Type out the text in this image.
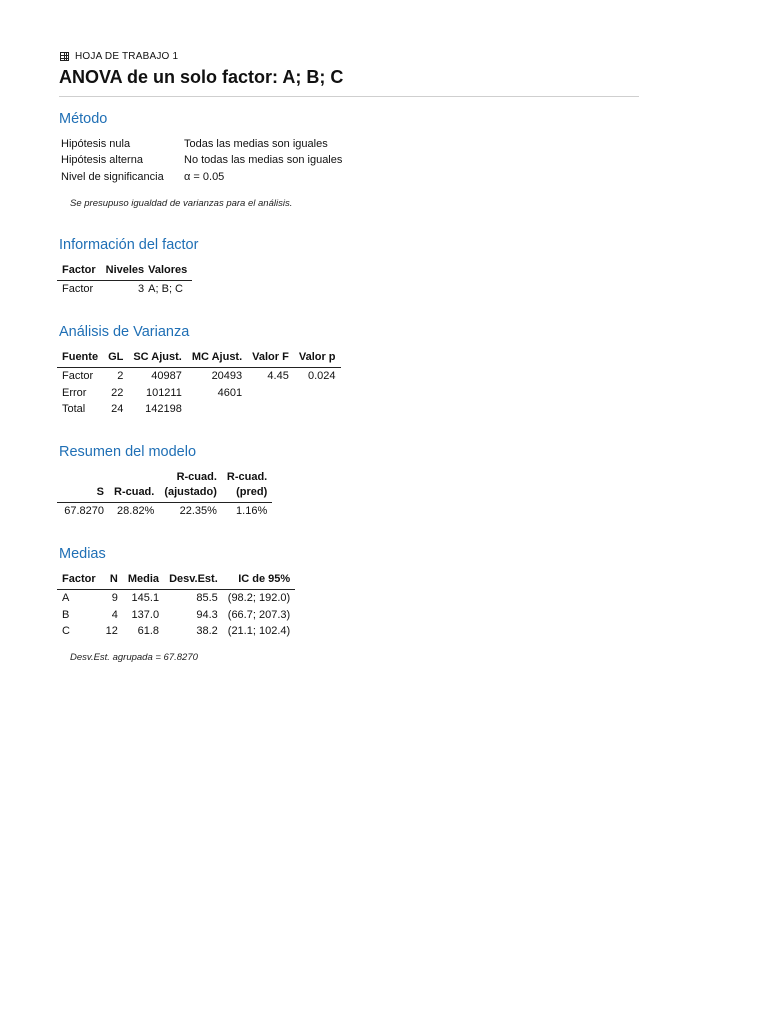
HOJA DE TRABAJO 1
ANOVA de un solo factor: A; B; C
Método
Hipótesis nula	Todas las medias son iguales
Hipótesis alterna	No todas las medias son iguales
Nivel de significancia α = 0.05
Se presupuso igualdad de varianzas para el análisis.
Información del factor
Factor	Niveles	Valores
Factor	3	A; B; C
Análisis de Varianza
Fuente	GL	SC Ajust.	MC Ajust.	Valor F	Valor p
Factor	2	40987	20493	4.45	0.024
Error	22	101211	4601		
Total	24	142198			
Resumen del modelo
		R-cuad.	R-cuad.
S	R-cuad.	(ajustado)	(pred)
67.8270	28.82%	22.35%	1.16%
Medias
Factor	N	Media	Desv.Est.	IC de 95%
A	9	145.1	85.5	(98.2; 192.0)
B	4	137.0	94.3	(66.7; 207.3)
C	12	61.8	38.2	(21.1; 102.4)
Desv.Est. agrupada = 67.8270
